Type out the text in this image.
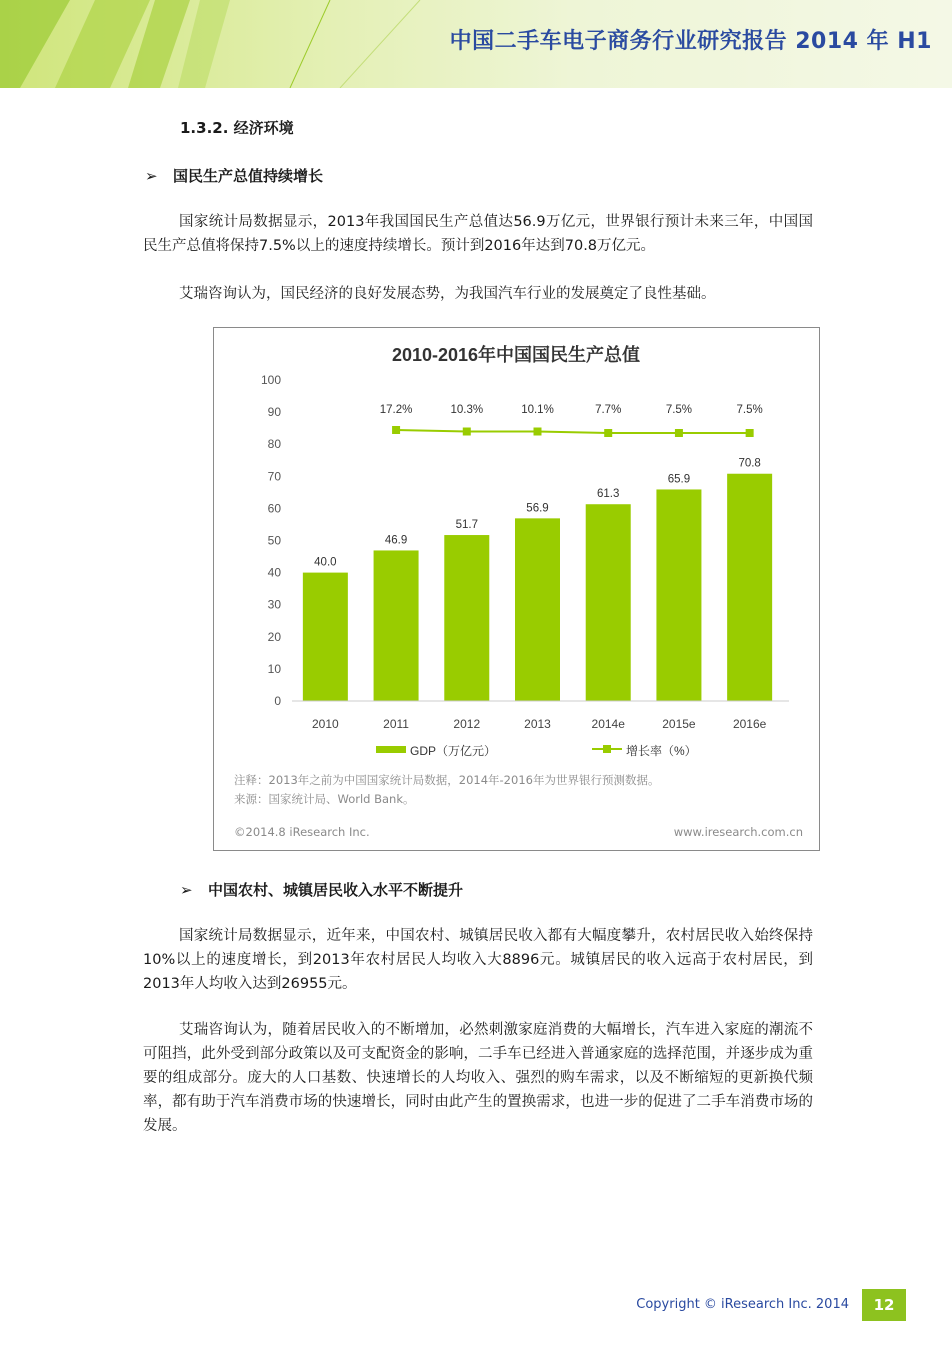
中国二手车电子商务行业研究报告 2014 年 H1
1.3.2. 经济环境
➢ 国民生产总值持续增长
国家统计局数据显示，2013年我国国民生产总值达56.9万亿元，世界银行预计未来三年，中国国民生产总值将保持7.5%以上的速度持续增长。预计到2016年达到70.8万亿元。
艾瑞咨询认为，国民经济的良好发展态势，为我国汽车行业的发展奠定了良性基础。
2010-2016年中国国民生产总值
0
10
20
30
40
50
60
70
80
90
100
40.0
46.9
51.7
56.9
61.3
65.9
70.8
2010	2011	2012	2013	2014e	2015e	2016e
17.2%	10.3%	10.1%	7.7%	7.5%	7.5%
GDP（万亿元）	增长率（%）
注释：2013年之前为中国国家统计局数据，2014年-2016年为世界银行预测数据。
来源：国家统计局、World Bank。
©2014.8 iResearch Inc.	www.iresearch.com.cn
➢ 中国农村、城镇居民收入水平不断提升
国家统计局数据显示，近年来，中国农村、城镇居民收入都有大幅度攀升，农村居民收入始终保持10%以上的速度增长，到2013年农村居民人均收入大8896元。城镇居民的收入远高于农村居民，到2013年人均收入达到26955元。
艾瑞咨询认为，随着居民收入的不断增加，必然刺激家庭消费的大幅增长，汽车进入家庭的潮流不可阻挡，此外受到部分政策以及可支配资金的影响，二手车已经进入普通家庭的选择范围，并逐步成为重要的组成部分。庞大的人口基数、快速增长的人均收入、强烈的购车需求，以及不断缩短的更新换代频率，都有助于汽车消费市场的快速增长，同时由此产生的置换需求，也进一步的促进了二手车消费市场的发展。
Copyright © iResearch Inc. 2014	12
